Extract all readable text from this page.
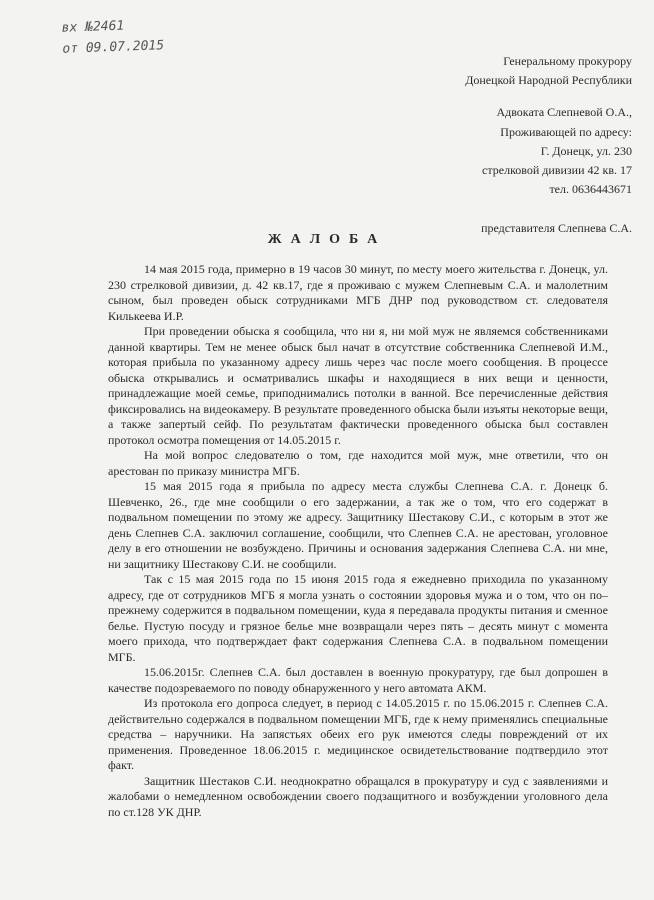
вх №2461
от 09.07.2015
Генеральному прокурору
Донецкой Народной Республики
Адвоката Слепневой О.А.,
Проживающей по адресу:
Г. Донецк, ул. 230
стрелковой дивизии 42 кв. 17
тел. 0636443671
представителя Слепнева С.А.
ЖАЛОБА

14 мая 2015 года, примерно в 19 часов 30 минут, по месту моего жительства г. Донецк, ул. 230 стрелковой дивизии, д. 42 кв.17, где я проживаю с мужем Слепневым С.А. и малолетним сыном, был проведен обыск сотрудниками МГБ ДНР под руководством ст. следователя Килькеева И.Р.

При проведении обыска я сообщила, что ни я, ни мой муж не являемся собственниками данной квартиры. Тем не менее обыск был начат в отсутствие собственника Слепневой И.М., которая прибыла по указанному адресу лишь через час после моего сообщения. В процессе обыска открывались и осматривались шкафы и находящиеся в них вещи и ценности, принадлежащие моей семье, приподнимались потолки в ванной. Все перечисленные действия фиксировались на видеокамеру. В результате проведенного обыска были изъяты некоторые вещи, а также запертый сейф. По результатам фактически проведенного обыска был составлен протокол осмотра помещения от 14.05.2015 г.

На мой вопрос следователю о том, где находится мой муж, мне ответили, что он арестован по приказу министра МГБ.

15 мая 2015 года я прибыла по адресу места службы Слепнева С.А. г. Донецк б. Шевченко, 26., где мне сообщили о его задержании, а так же о том, что его содержат в подвальном помещении по этому же адресу. Защитнику Шестакову С.И., с которым в этот же день Слепнев С.А. заключил соглашение, сообщили, что Слепнев С.А. не арестован, уголовное делу в его отношении не возбуждено. Причины и основания задержания Слепнева С.А. ни мне, ни защитнику Шестакову С.И. не сообщили.

Так с 15 мая 2015 года по 15 июня 2015 года я ежедневно приходила по указанному адресу, где от сотрудников МГБ я могла узнать о состоянии здоровья мужа и о том, что он по–прежнему содержится в подвальном помещении, куда я передавала продукты питания и сменное белье. Пустую посуду и грязное белье мне возвращали через пять – десять минут с момента моего прихода, что подтверждает факт содержания Слепнева С.А. в подвальном помещении МГБ.

15.06.2015г. Слепнев С.А. был доставлен в военную прокуратуру, где был допрошен в качестве подозреваемого по поводу обнаруженного у него автомата АКМ.

Из протокола его допроса следует, в период с 14.05.2015 г. по 15.06.2015 г. Слепнев С.А. действительно содержался в подвальном помещении МГБ, где к нему применялись специальные средства – наручники. На запястьях обеих его рук имеются следы повреждений от их применения. Проведенное 18.06.2015 г. медицинское освидетельствование подтвердило этот факт.

Защитник Шестаков С.И. неоднократно обращался в прокуратуру и суд с заявлениями и жалобами о немедленном освобождении своего подзащитного и возбуждении уголовного дела по ст.128 УК ДНР.
